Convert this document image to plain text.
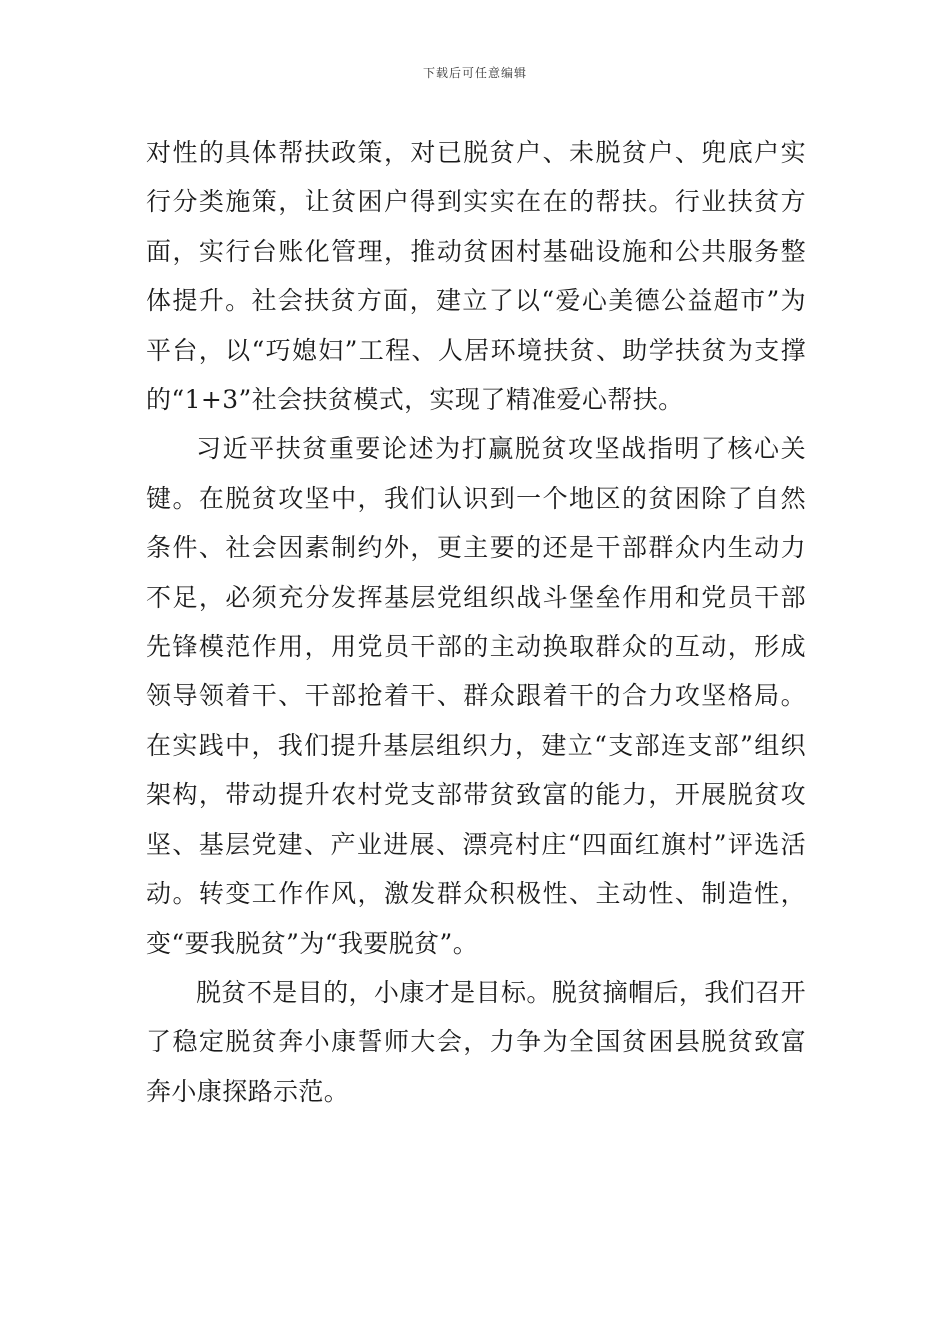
下载后可任意编辑

对性的具体帮扶政策，对已脱贫户、未脱贫户、兜底户实行分类施策，让贫困户得到实实在在的帮扶。行业扶贫方面，实行台账化管理，推动贫困村基础设施和公共服务整体提升。社会扶贫方面，建立了以“爱心美德公益超市”为平台，以“巧媳妇”工程、人居环境扶贫、助学扶贫为支撑的“1+3”社会扶贫模式，实现了精准爱心帮扶。

习近平扶贫重要论述为打赢脱贫攻坚战指明了核心关键。在脱贫攻坚中，我们认识到一个地区的贫困除了自然条件、社会因素制约外，更主要的还是干部群众内生动力不足，必须充分发挥基层党组织战斗堡垒作用和党员干部先锋模范作用，用党员干部的主动换取群众的互动，形成领导领着干、干部抢着干、群众跟着干的合力攻坚格局。在实践中，我们提升基层组织力，建立“支部连支部”组织架构，带动提升农村党支部带贫致富的能力，开展脱贫攻坚、基层党建、产业进展、漂亮村庄“四面红旗村”评选活动。转变工作作风，激发群众积极性、主动性、制造性，变“要我脱贫”为“我要脱贫”。

脱贫不是目的，小康才是目标。脱贫摘帽后，我们召开了稳定脱贫奔小康誓师大会，力争为全国贫困县脱贫致富奔小康探路示范。
